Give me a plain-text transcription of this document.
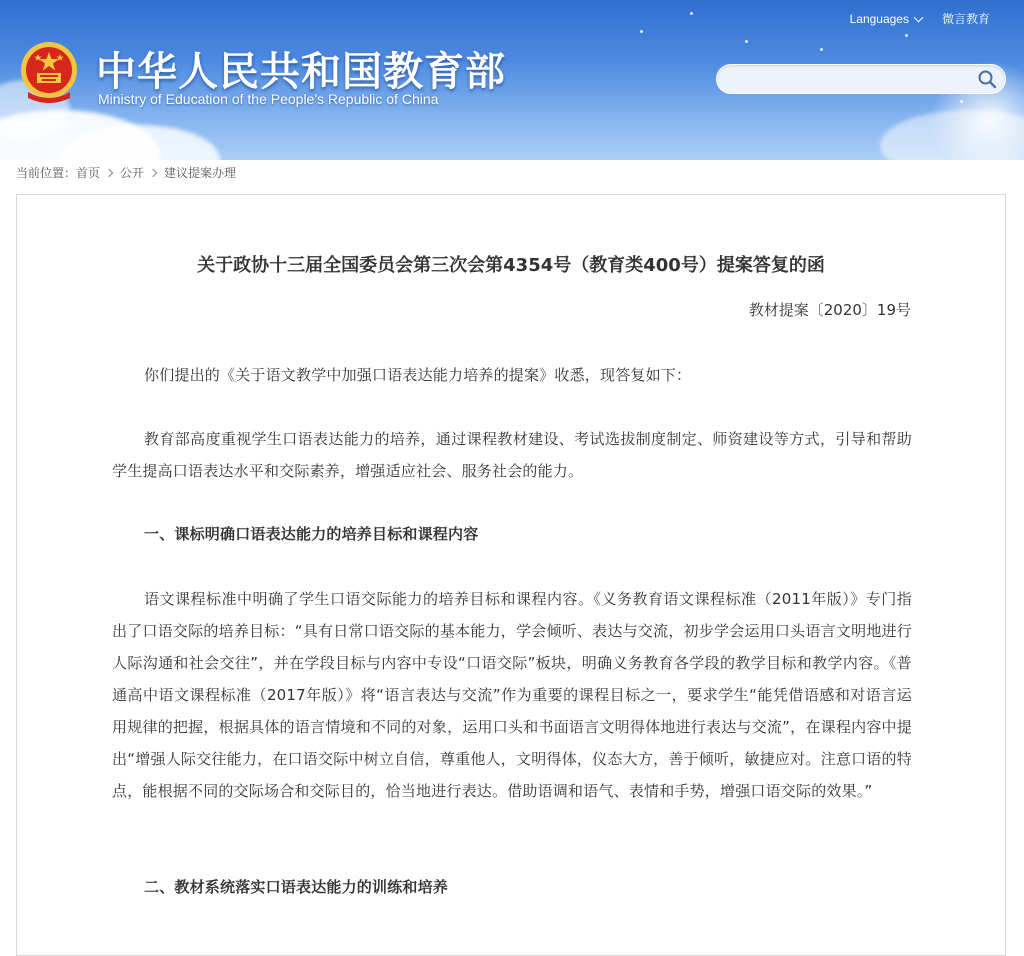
中华人民共和国教育部
Ministry of Education of the People's Republic of China
Languages	微言教育
当前位置： 首页 公开 建议提案办理
关于政协十三届全国委员会第三次会第4354号（教育类400号）提案答复的函
教材提案〔2020〕19号
你们提出的《关于语文教学中加强口语表达能力培养的提案》收悉，现答复如下：
教育部高度重视学生口语表达能力的培养，通过课程教材建设、考试选拔制度制定、师资建设等方式，引导和帮助学生提高口语表达水平和交际素养，增强适应社会、服务社会的能力。
一、课标明确口语表达能力的培养目标和课程内容
语文课程标准中明确了学生口语交际能力的培养目标和课程内容。《义务教育语文课程标准（2011年版）》专门指出了口语交际的培养目标：“具有日常口语交际的基本能力，学会倾听、表达与交流，初步学会运用口头语言文明地进行人际沟通和社会交往”，并在学段目标与内容中专设“口语交际”板块，明确义务教育各学段的教学目标和教学内容。《普通高中语文课程标准（2017年版）》将“语言表达与交流”作为重要的课程目标之一，要求学生“能凭借语感和对语言运用规律的把握，根据具体的语言情境和不同的对象，运用口头和书面语言文明得体地进行表达与交流”，在课程内容中提出“增强人际交往能力，在口语交际中树立自信，尊重他人，文明得体，仪态大方，善于倾听，敏捷应对。注意口语的特点，能根据不同的交际场合和交际目的，恰当地进行表达。借助语调和语气、表情和手势，增强口语交际的效果。”
二、教材系统落实口语表达能力的训练和培养
